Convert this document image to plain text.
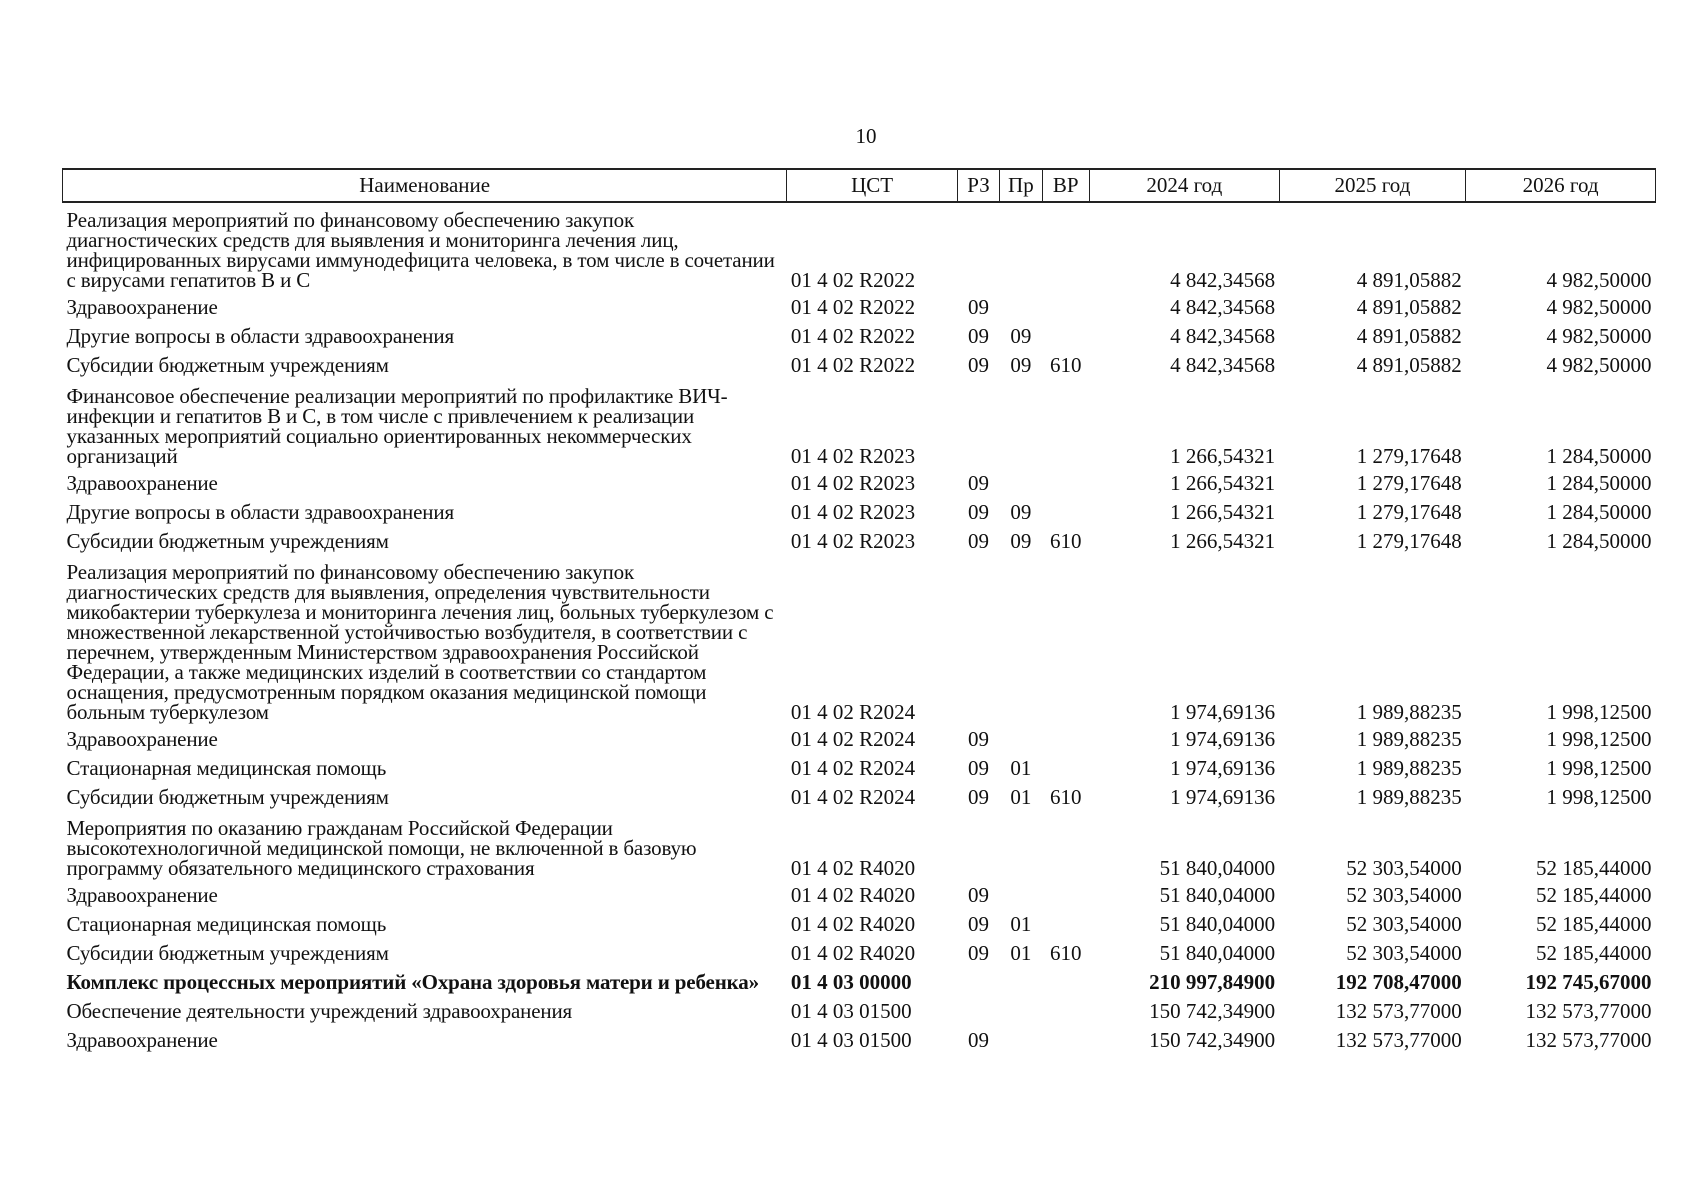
10
Наименование	ЦСТ	РЗ	Пр	ВР	2024 год	2025 год	2026 год
Реализация мероприятий по финансовому обеспечению закупок диагностических средств для выявления и мониторинга лечения лиц, инфицированных вирусами иммунодефицита человека, в том числе в сочетании с вирусами гепатитов В и С	01 4 02 R2022				4 842,34568	4 891,05882	4 982,50000
Здравоохранение	01 4 02 R2022	09			4 842,34568	4 891,05882	4 982,50000
Другие вопросы в области здравоохранения	01 4 02 R2022	09	09		4 842,34568	4 891,05882	4 982,50000
Субсидии бюджетным учреждениям	01 4 02 R2022	09	09	610	4 842,34568	4 891,05882	4 982,50000
Финансовое обеспечение реализации мероприятий по профилактике ВИЧ-инфекции и гепатитов В и С, в том числе с привлечением к реализации указанных мероприятий социально ориентированных некоммерческих организаций	01 4 02 R2023				1 266,54321	1 279,17648	1 284,50000
Здравоохранение	01 4 02 R2023	09			1 266,54321	1 279,17648	1 284,50000
Другие вопросы в области здравоохранения	01 4 02 R2023	09	09		1 266,54321	1 279,17648	1 284,50000
Субсидии бюджетным учреждениям	01 4 02 R2023	09	09	610	1 266,54321	1 279,17648	1 284,50000
Реализация мероприятий по финансовому обеспечению закупок диагностических средств для выявления, определения чувствительности микобактерии туберкулеза и мониторинга лечения лиц, больных туберкулезом с множественной лекарственной устойчивостью возбудителя, в соответствии с перечнем, утвержденным Министерством здравоохранения Российской Федерации, а также медицинских изделий в соответствии со стандартом оснащения, предусмотренным порядком оказания медицинской помощи больным туберкулезом	01 4 02 R2024				1 974,69136	1 989,88235	1 998,12500
Здравоохранение	01 4 02 R2024	09			1 974,69136	1 989,88235	1 998,12500
Стационарная медицинская помощь	01 4 02 R2024	09	01		1 974,69136	1 989,88235	1 998,12500
Субсидии бюджетным учреждениям	01 4 02 R2024	09	01	610	1 974,69136	1 989,88235	1 998,12500
Мероприятия по оказанию гражданам Российской Федерации высокотехнологичной медицинской помощи, не включенной в базовую программу обязательного медицинского страхования	01 4 02 R4020				51 840,04000	52 303,54000	52 185,44000
Здравоохранение	01 4 02 R4020	09			51 840,04000	52 303,54000	52 185,44000
Стационарная медицинская помощь	01 4 02 R4020	09	01		51 840,04000	52 303,54000	52 185,44000
Субсидии бюджетным учреждениям	01 4 02 R4020	09	01	610	51 840,04000	52 303,54000	52 185,44000
Комплекс процессных мероприятий «Охрана здоровья матери и ребенка»	01 4 03 00000				210 997,84900	192 708,47000	192 745,67000
Обеспечение деятельности учреждений здравоохранения	01 4 03 01500				150 742,34900	132 573,77000	132 573,77000
Здравоохранение	01 4 03 01500	09			150 742,34900	132 573,77000	132 573,77000
